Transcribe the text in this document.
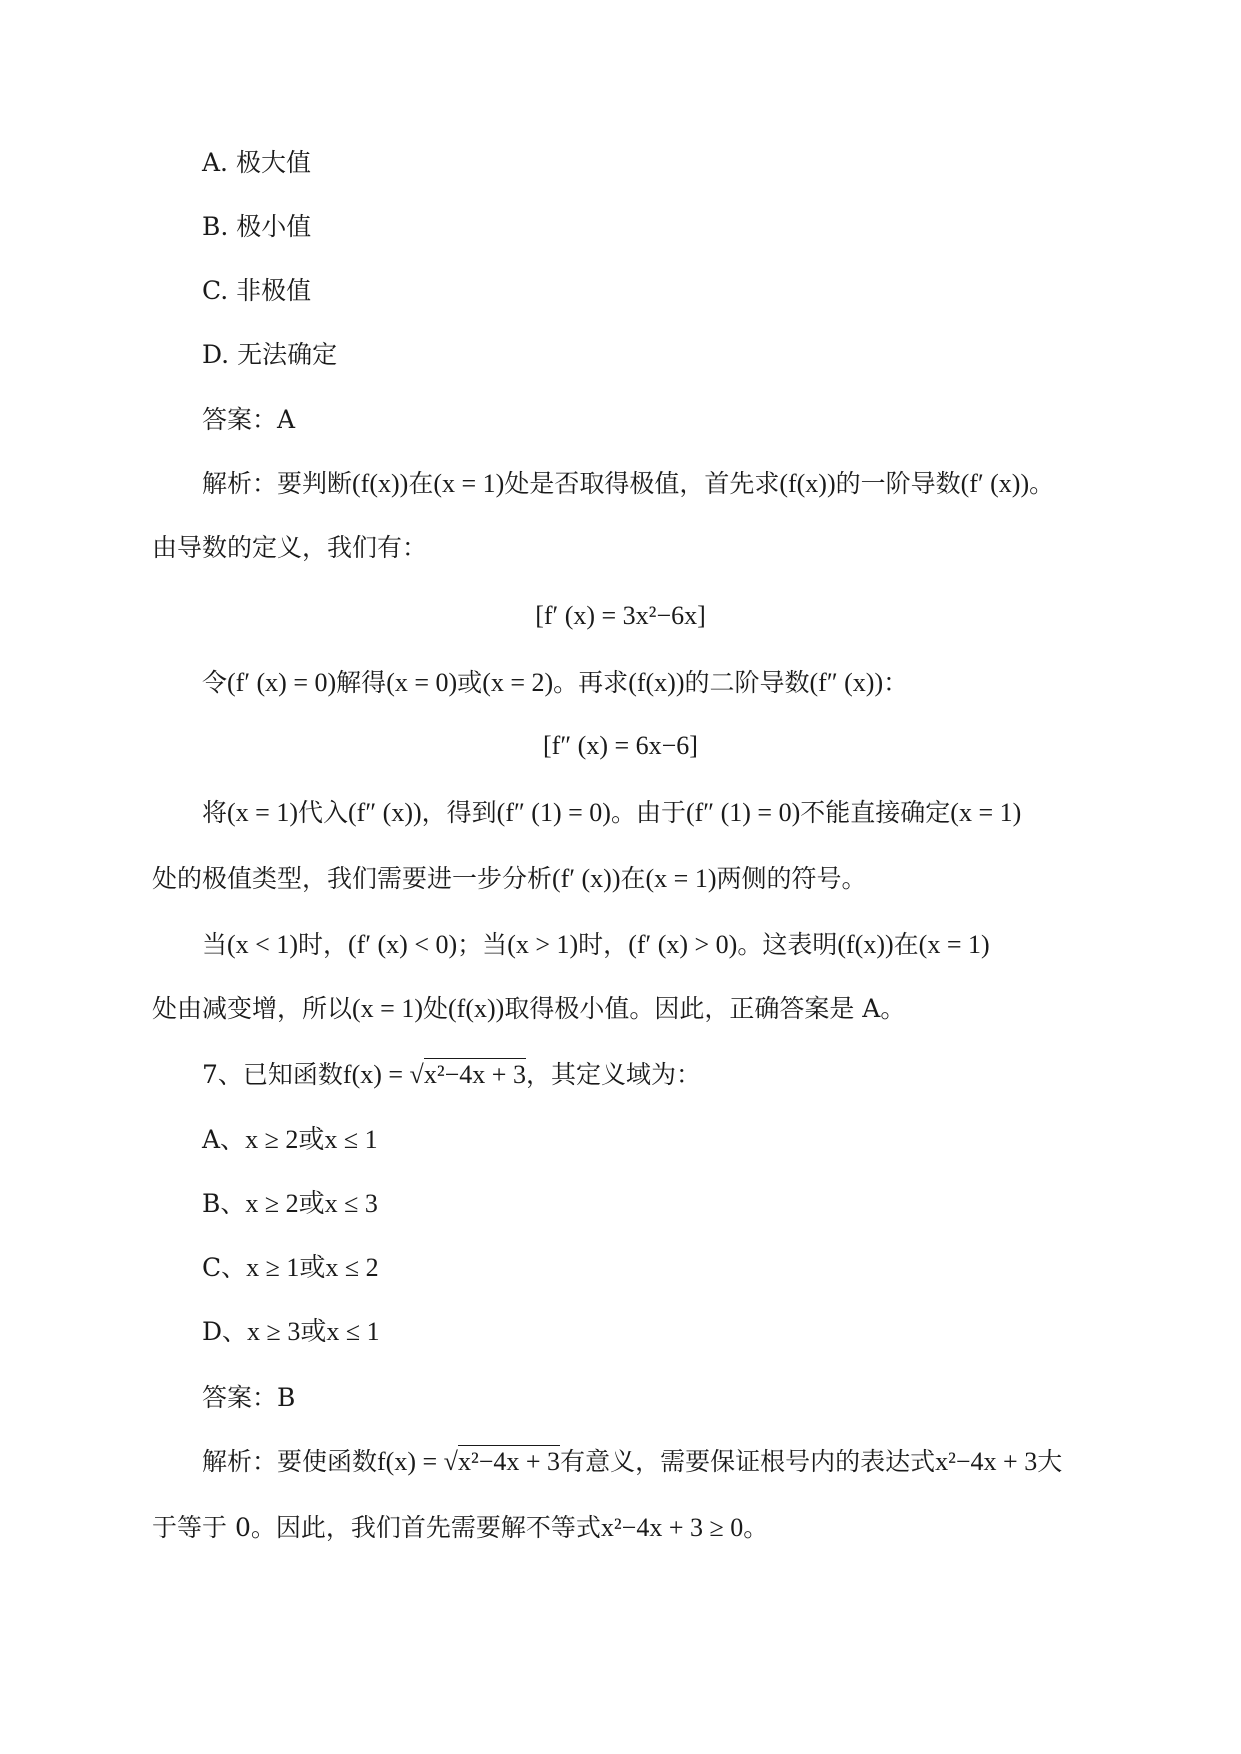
A. 极大值
B. 极小值
C. 非极值
D. 无法确定
答案：A
解析：要判断(f(x))在(x = 1)处是否取得极值，首先求(f(x))的一阶导数(f′ (x))。
由导数的定义，我们有：
[f′ (x) = 3x²−6x]
令(f′ (x) = 0)解得(x = 0)或(x = 2)。再求(f(x))的二阶导数(f″ (x))：
[f″ (x) = 6x−6]
将(x = 1)代入(f″ (x))，得到(f″ (1) = 0)。由于(f″ (1) = 0)不能直接确定(x = 1)
处的极值类型，我们需要进一步分析(f′ (x))在(x = 1)两侧的符号。
当(x < 1)时，(f′ (x) < 0)；当(x > 1)时，(f′ (x) > 0)。这表明(f(x))在(x = 1)
处由减变增，所以(x = 1)处(f(x))取得极小值。因此，正确答案是 A。
7、已知函数f(x) = √x²−4x + 3，其定义域为：
A、x ≥ 2或x ≤ 1
B、x ≥ 2或x ≤ 3
C、x ≥ 1或x ≤ 2
D、x ≥ 3或x ≤ 1
答案：B
解析：要使函数f(x) = √x²−4x + 3有意义，需要保证根号内的表达式x²−4x + 3大
于等于 0。因此，我们首先需要解不等式x²−4x + 3 ≥ 0。
